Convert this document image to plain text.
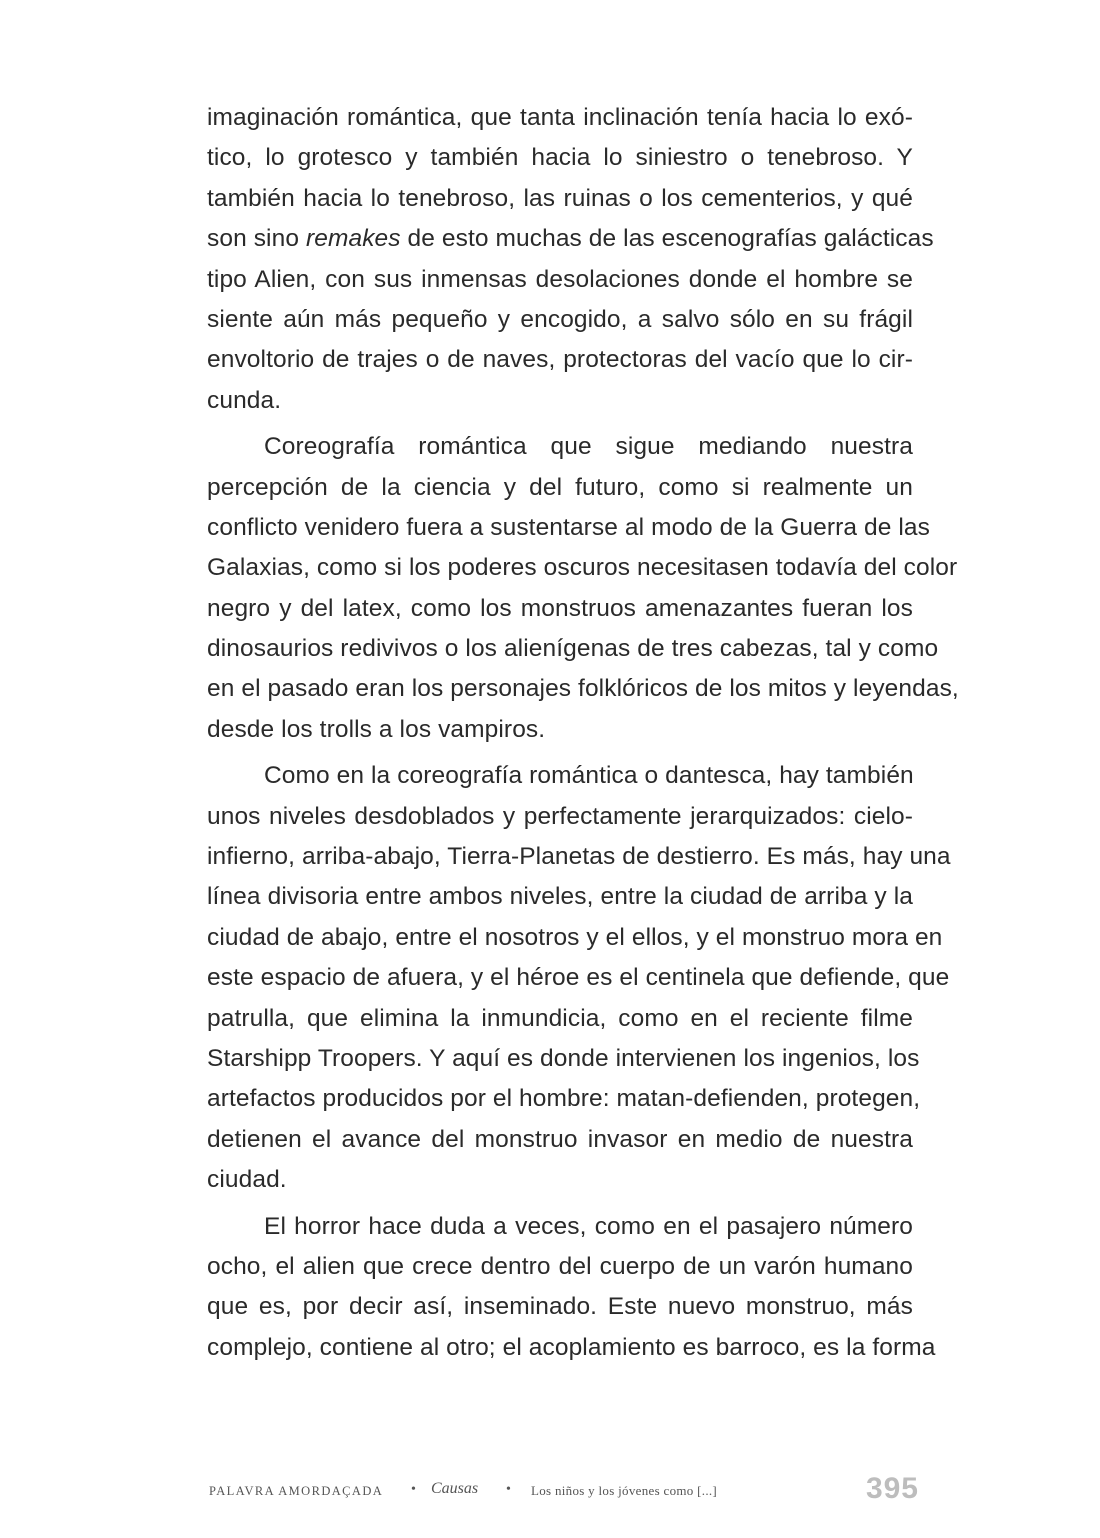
imaginación romántica, que tanta inclinación tenía hacia lo exó-
tico, lo grotesco y también hacia lo siniestro o tenebroso. Y
también hacia lo tenebroso, las ruinas o los cementerios, y qué
son sino remakes de esto muchas de las escenografías galácticas
tipo Alien, con sus inmensas desolaciones donde el hombre se
siente aún más pequeño y encogido, a salvo sólo en su frágil
envoltorio de trajes o de naves, protectoras del vacío que lo cir-
cunda.
Coreografía romántica que sigue mediando nuestra
percepción de la ciencia y del futuro, como si realmente un
conflicto venidero fuera a sustentarse al modo de la Guerra de las
Galaxias, como si los poderes oscuros necesitasen todavía del color
negro y del latex, como los monstruos amenazantes fueran los
dinosaurios redivivos o los alienígenas de tres cabezas, tal y como
en el pasado eran los personajes folklóricos de los mitos y leyendas,
desde los trolls a los vampiros.
Como en la coreografía romántica o dantesca, hay también
unos niveles desdoblados y perfectamente jerarquizados: cielo-
infierno, arriba-abajo, Tierra-Planetas de destierro. Es más, hay una
línea divisoria entre ambos niveles, entre la ciudad de arriba y la
ciudad de abajo, entre el nosotros y el ellos, y el monstruo mora en
este espacio de afuera, y el héroe es el centinela que defiende, que
patrulla, que elimina la inmundicia, como en el reciente filme
Starshipp Troopers. Y aquí es donde intervienen los ingenios, los
artefactos producidos por el hombre: matan-defienden, protegen,
detienen el avance del monstruo invasor en medio de nuestra
ciudad.
El horror hace duda a veces, como en el pasajero número
ocho, el alien que crece dentro del cuerpo de un varón humano
que es, por decir así, inseminado. Este nuevo monstruo, más
complejo, contiene al otro; el acoplamiento es barroco, es la forma
PALAVRA AMORDAÇADA • Causas • Los niños y los jóvenes como [...]	395
